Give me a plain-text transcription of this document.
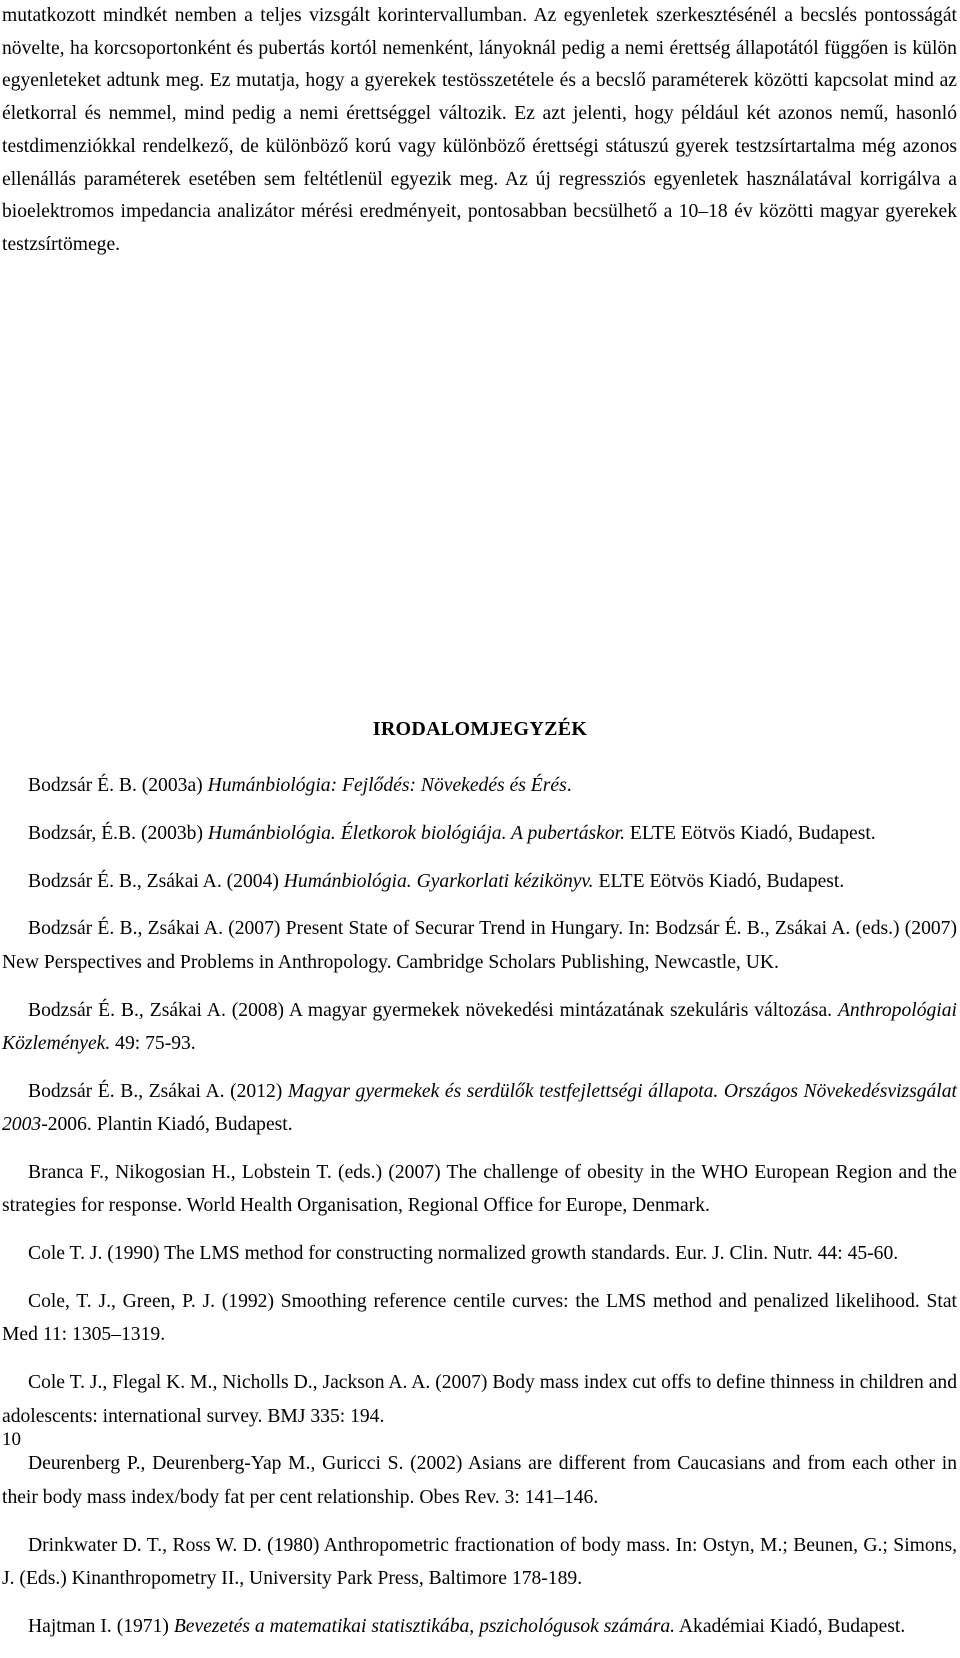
mutatkozott mindkét nemben a teljes vizsgált korintervallumban. Az egyenletek szerkesztésénél a becslés pontosságát növelte, ha korcsoportonként és pubertás kortól nemenként, lányoknál pedig a nemi érettség állapotától függően is külön egyenleteket adtunk meg. Ez mutatja, hogy a gyerekek testösszetétele és a becslő paraméterek közötti kapcsolat mind az életkorral és nemmel, mind pedig a nemi érettséggel változik. Ez azt jelenti, hogy például két azonos nemű, hasonló testdimenziókkal rendelkező, de különböző korú vagy különböző érettségi státuszú gyerek testzsírtartalma még azonos ellenállás paraméterek esetében sem feltétlenül egyezik meg. Az új regressziós egyenletek használatával korrigálva a bioelektromos impedancia analizátor mérési eredményeit, pontosabban becsülhető a 10–18 év közötti magyar gyerekek testzsírtömege.

IRODALOMJEGYZÉK

Bodzsár É. B. (2003a) Humánbiológia: Fejlődés: Növekedés és Érés.

Bodzsár, É.B. (2003b) Humánbiológia. Életkorok biológiája. A pubertáskor. ELTE Eötvös Kiadó, Budapest.

Bodzsár É. B., Zsákai A. (2004) Humánbiológia. Gyarkorlati kézikönyv. ELTE Eötvös Kiadó, Budapest.

Bodzsár É. B., Zsákai A. (2007) Present State of Securar Trend in Hungary. In: Bodzsár É. B., Zsákai A. (eds.) (2007) New Perspectives and Problems in Anthropology. Cambridge Scholars Publishing, Newcastle, UK.

Bodzsár É. B., Zsákai A. (2008) A magyar gyermekek növekedési mintázatának szekuláris változása. Anthropológiai Közlemények. 49: 75-93.

Bodzsár É. B., Zsákai A. (2012) Magyar gyermekek és serdülők testfejlettségi állapota. Országos Növekedésvizsgálat 2003-2006. Plantin Kiadó, Budapest.

Branca F., Nikogosian H., Lobstein T. (eds.) (2007) The challenge of obesity in the WHO European Region and the strategies for response. World Health Organisation, Regional Office for Europe, Denmark.

Cole T. J. (1990) The LMS method for constructing normalized growth standards. Eur. J. Clin. Nutr. 44: 45-60.

Cole, T. J., Green, P. J. (1992) Smoothing reference centile curves: the LMS method and penalized likelihood. Stat Med 11: 1305–1319.

Cole T. J., Flegal K. M., Nicholls D., Jackson A. A. (2007) Body mass index cut offs to define thinness in children and adolescents: international survey. BMJ 335: 194.

Deurenberg P., Deurenberg-Yap M., Guricci S. (2002) Asians are different from Caucasians and from each other in their body mass index/body fat per cent relationship. Obes Rev. 3: 141–146.

Drinkwater D. T., Ross W. D. (1980) Anthropometric fractionation of body mass. In: Ostyn, M.; Beunen, G.; Simons, J. (Eds.) Kinanthropometry II., University Park Press, Baltimore 178-189.

Hajtman I. (1971) Bevezetés a matematikai statisztikába, pszichológusok számára. Akadémiai Kiadó, Budapest.

10
